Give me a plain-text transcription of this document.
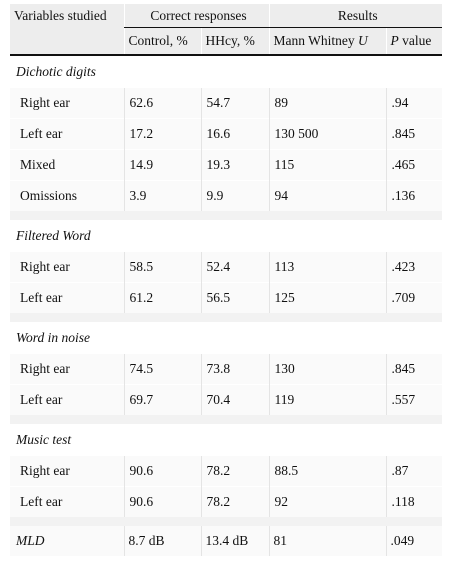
Variables studied	Correct responses		Results	
	Control, %	HHcy, %	Mann Whitney U	P value
Dichotic digits				
Right ear	62.6	54.7	89	.94
Left ear	17.2	16.6	130 500	.845
Mixed	14.9	19.3	115	.465
Omissions	3.9	9.9	94	.136

Filtered Word				
Right ear	58.5	52.4	113	.423
Left ear	61.2	56.5	125	.709

Word in noise				
Right ear	74.5	73.8	130	.845
Left ear	69.7	70.4	119	.557

Music test				
Right ear	90.6	78.2	88.5	.87
Left ear	90.6	78.2	92	.118

MLD	8.7 dB	13.4 dB	81	.049
